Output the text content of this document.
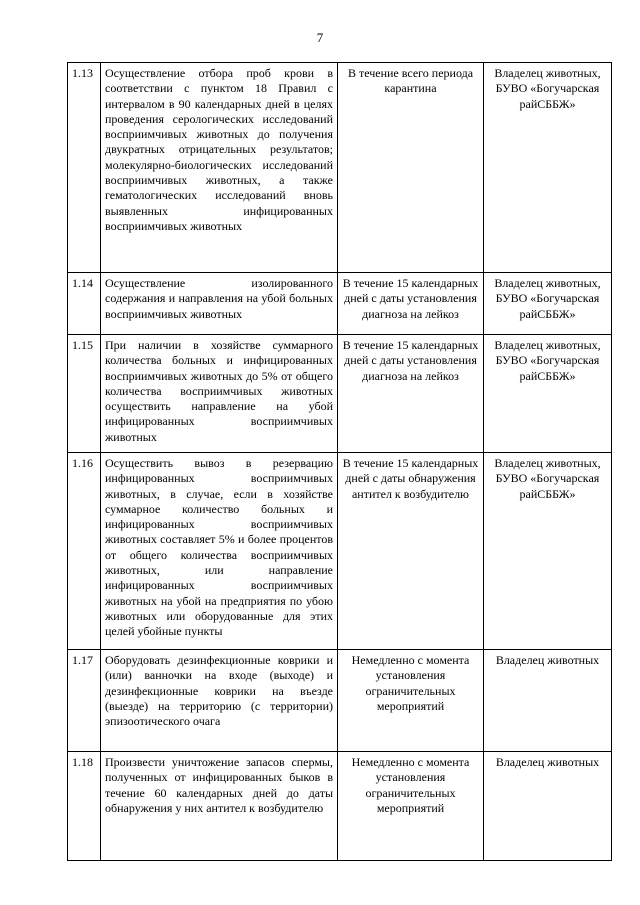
7
1.13	Осуществление отбора проб крови в соответствии с пунктом 18 Правил с интервалом в 90 календарных дней в целях проведения серологических исследований восприимчивых животных до получения двукратных отрицательных результатов; молекулярно-биологических исследований восприимчивых животных, а также гематологических исследований вновь выявленных инфицированных восприимчивых животных	В течение всего периода карантина	Владелец животных, БУВО «Богучарская райСББЖ»
1.14	Осуществление изолированного содержания и направления на убой больных восприимчивых животных	В течение 15 календарных дней с даты установления диагноза на лейкоз	Владелец животных, БУВО «Богучарская райСББЖ»
1.15	При наличии в хозяйстве суммарного количества больных и инфицированных восприимчивых животных до 5% от общего количества восприимчивых животных осуществить направление на убой инфицированных восприимчивых животных	В течение 15 календарных дней с даты установления диагноза на лейкоз	Владелец животных, БУВО «Богучарская райСББЖ»
1.16	Осуществить вывоз в резервацию инфицированных восприимчивых животных, в случае, если в хозяйстве суммарное количество больных и инфицированных восприимчивых животных составляет 5% и более процентов от общего количества восприимчивых животных, или направление инфицированных восприимчивых животных на убой на предприятия по убою животных или оборудованные для этих целей убойные пункты	В течение 15 календарных дней с даты обнаружения антител к возбудителю	Владелец животных, БУВО «Богучарская райСББЖ»
1.17	Оборудовать дезинфекционные коврики и (или) ванночки на входе (выходе) и дезинфекционные коврики на въезде (выезде) на территорию (с территории) эпизоотического очага	Немедленно с момента установления ограничительных мероприятий	Владелец животных
1.18	Произвести уничтожение запасов спермы, полученных от инфицированных быков в течение 60 календарных дней до даты обнаружения у них антител к возбудителю	Немедленно с момента установления ограничительных мероприятий	Владелец животных
